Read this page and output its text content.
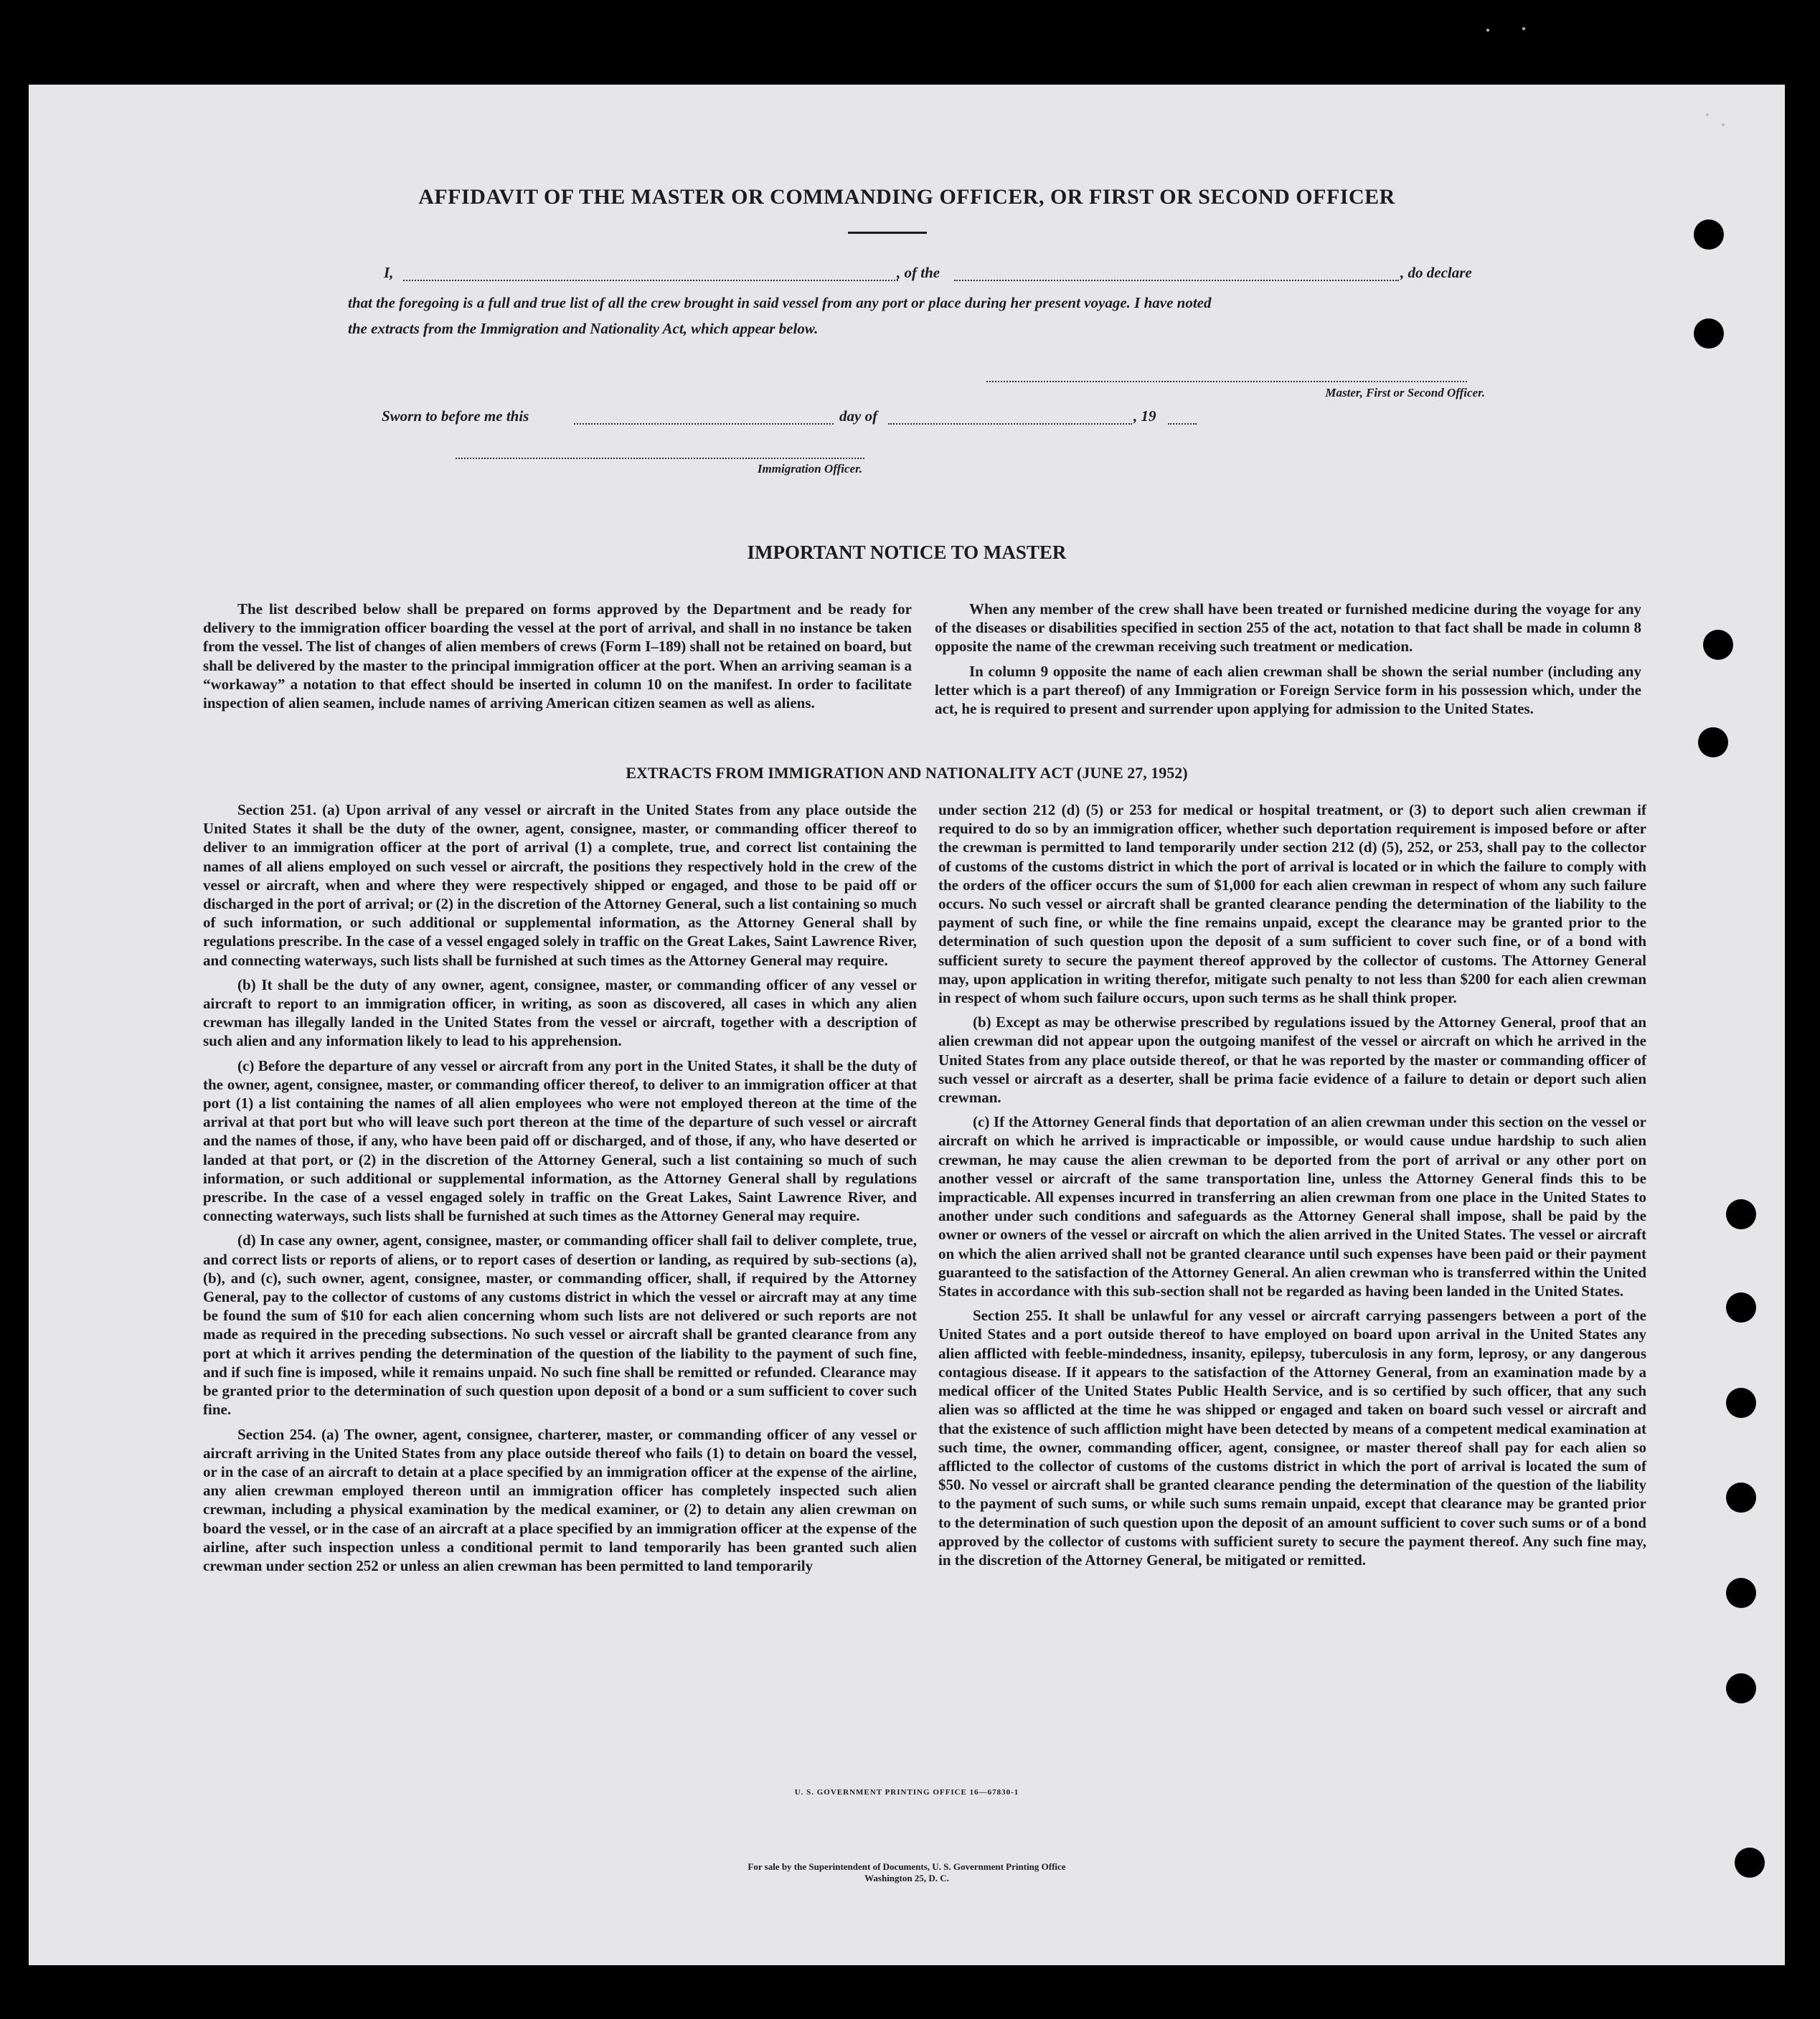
AFFIDAVIT OF THE MASTER OR COMMANDING OFFICER, OR FIRST OR SECOND OFFICER
I,	, of the	, do declare
that the foregoing is a full and true list of all the crew brought in said vessel from any port or place during her present voyage. I have noted
the extracts from the Immigration and Nationality Act, which appear below.
Master, First or Second Officer.
Sworn to before me this	day of	, 19
Immigration Officer.
IMPORTANT NOTICE TO MASTER

The list described below shall be prepared on forms approved by the Department and be ready for delivery to the immigration officer boarding the vessel at the port of arrival, and shall in no instance be taken from the vessel. The list of changes of alien members of crews (Form I–189) shall not be retained on board, but shall be delivered by the master to the principal immigration officer at the port. When an arriving seaman is a “workaway” a notation to that effect should be inserted in column 10 on the manifest. In order to facilitate inspection of alien seamen, include names of arriving American citizen seamen as well as aliens.

When any member of the crew shall have been treated or furnished medicine during the voyage for any of the diseases or disabilities specified in section 255 of the act, notation to that fact shall be made in column 8 opposite the name of the crewman receiving such treatment or medication.

In column 9 opposite the name of each alien crewman shall be shown the serial number (including any letter which is a part thereof) of any Immigration or Foreign Service form in his possession which, under the act, he is required to present and surrender upon applying for admission to the United States.

EXTRACTS FROM IMMIGRATION AND NATIONALITY ACT (JUNE 27, 1952)

Section 251. (a) Upon arrival of any vessel or aircraft in the United States from any place outside the United States it shall be the duty of the owner, agent, consignee, master, or commanding officer thereof to deliver to an immigration officer at the port of arrival (1) a complete, true, and correct list containing the names of all aliens employed on such vessel or aircraft, the positions they respectively hold in the crew of the vessel or aircraft, when and where they were respectively shipped or engaged, and those to be paid off or discharged in the port of arrival; or (2) in the discretion of the Attorney General, such a list containing so much of such information, or such additional or supplemental information, as the Attorney General shall by regulations prescribe. In the case of a vessel engaged solely in traffic on the Great Lakes, Saint Lawrence River, and connecting waterways, such lists shall be furnished at such times as the Attorney General may require.

(b) It shall be the duty of any owner, agent, consignee, master, or commanding officer of any vessel or aircraft to report to an immigration officer, in writing, as soon as discovered, all cases in which any alien crewman has illegally landed in the United States from the vessel or aircraft, together with a description of such alien and any information likely to lead to his apprehension.

(c) Before the departure of any vessel or aircraft from any port in the United States, it shall be the duty of the owner, agent, consignee, master, or commanding officer thereof, to deliver to an immigration officer at that port (1) a list containing the names of all alien employees who were not employed thereon at the time of the arrival at that port but who will leave such port thereon at the time of the departure of such vessel or aircraft and the names of those, if any, who have been paid off or discharged, and of those, if any, who have deserted or landed at that port, or (2) in the discretion of the Attorney General, such a list containing so much of such information, or such additional or supplemental information, as the Attorney General shall by regulations prescribe. In the case of a vessel engaged solely in traffic on the Great Lakes, Saint Lawrence River, and connecting waterways, such lists shall be furnished at such times as the Attorney General may require.

(d) In case any owner, agent, consignee, master, or commanding officer shall fail to deliver complete, true, and correct lists or reports of aliens, or to report cases of desertion or landing, as required by sub-sections (a), (b), and (c), such owner, agent, consignee, master, or commanding officer, shall, if required by the Attorney General, pay to the collector of customs of any customs district in which the vessel or aircraft may at any time be found the sum of $10 for each alien concerning whom such lists are not delivered or such reports are not made as required in the preceding subsections. No such vessel or aircraft shall be granted clearance from any port at which it arrives pending the determination of the question of the liability to the payment of such fine, and if such fine is imposed, while it remains unpaid. No such fine shall be remitted or refunded. Clearance may be granted prior to the determination of such question upon deposit of a bond or a sum sufficient to cover such fine.

Section 254. (a) The owner, agent, consignee, charterer, master, or commanding officer of any vessel or aircraft arriving in the United States from any place outside thereof who fails (1) to detain on board the vessel, or in the case of an aircraft to detain at a place specified by an immigration officer at the expense of the airline, any alien crewman employed thereon until an immigration officer has completely inspected such alien crewman, including a physical examination by the medical examiner, or (2) to detain any alien crewman on board the vessel, or in the case of an aircraft at a place specified by an immigration officer at the expense of the airline, after such inspection unless a conditional permit to land temporarily has been granted such alien crewman under section 252 or unless an alien crewman has been permitted to land temporarily

under section 212 (d) (5) or 253 for medical or hospital treatment, or (3) to deport such alien crewman if required to do so by an immigration officer, whether such deportation requirement is imposed before or after the crewman is permitted to land temporarily under section 212 (d) (5), 252, or 253, shall pay to the collector of customs of the customs district in which the port of arrival is located or in which the failure to comply with the orders of the officer occurs the sum of $1,000 for each alien crewman in respect of whom any such failure occurs. No such vessel or aircraft shall be granted clearance pending the determination of the liability to the payment of such fine, or while the fine remains unpaid, except the clearance may be granted prior to the determination of such question upon the deposit of a sum sufficient to cover such fine, or of a bond with sufficient surety to secure the payment thereof approved by the collector of customs. The Attorney General may, upon application in writing therefor, mitigate such penalty to not less than $200 for each alien crewman in respect of whom such failure occurs, upon such terms as he shall think proper.

(b) Except as may be otherwise prescribed by regulations issued by the Attorney General, proof that an alien crewman did not appear upon the outgoing manifest of the vessel or aircraft on which he arrived in the United States from any place outside thereof, or that he was reported by the master or commanding officer of such vessel or aircraft as a deserter, shall be prima facie evidence of a failure to detain or deport such alien crewman.

(c) If the Attorney General finds that deportation of an alien crewman under this section on the vessel or aircraft on which he arrived is impracticable or impossible, or would cause undue hardship to such alien crewman, he may cause the alien crewman to be deported from the port of arrival or any other port on another vessel or aircraft of the same transportation line, unless the Attorney General finds this to be impracticable. All expenses incurred in transferring an alien crewman from one place in the United States to another under such conditions and safeguards as the Attorney General shall impose, shall be paid by the owner or owners of the vessel or aircraft on which the alien arrived in the United States. The vessel or aircraft on which the alien arrived shall not be granted clearance until such expenses have been paid or their payment guaranteed to the satisfaction of the Attorney General. An alien crewman who is transferred within the United States in accordance with this sub-section shall not be regarded as having been landed in the United States.

Section 255. It shall be unlawful for any vessel or aircraft carrying passengers between a port of the United States and a port outside thereof to have employed on board upon arrival in the United States any alien afflicted with feeble-mindedness, insanity, epilepsy, tuberculosis in any form, leprosy, or any dangerous contagious disease. If it appears to the satisfaction of the Attorney General, from an examination made by a medical officer of the United States Public Health Service, and is so certified by such officer, that any such alien was so afflicted at the time he was shipped or engaged and taken on board such vessel or aircraft and that the existence of such affliction might have been detected by means of a competent medical examination at such time, the owner, commanding officer, agent, consignee, or master thereof shall pay for each alien so afflicted to the collector of customs of the customs district in which the port of arrival is located the sum of $50. No vessel or aircraft shall be granted clearance pending the determination of the question of the liability to the payment of such sums, or while such sums remain unpaid, except that clearance may be granted prior to the determination of such question upon the deposit of an amount sufficient to cover such sums or of a bond approved by the collector of customs with sufficient surety to secure the payment thereof. Any such fine may, in the discretion of the Attorney General, be mitigated or remitted.

U. S. GOVERNMENT PRINTING OFFICE 16—67830-1
For sale by the Superintendent of Documents, U. S. Government Printing Office
Washington 25, D. C.
